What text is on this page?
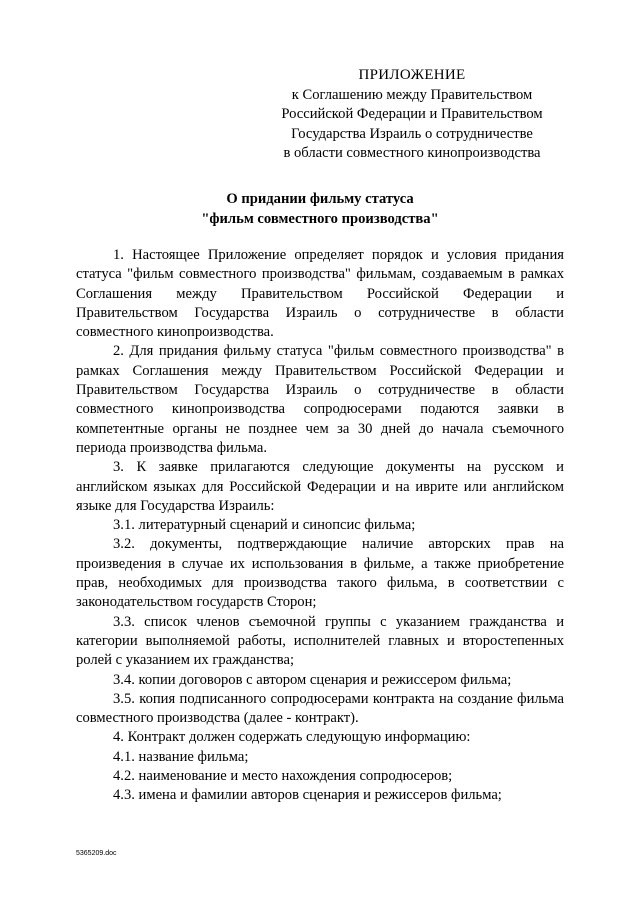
ПРИЛОЖЕНИЕ
к Соглашению между Правительством
Российской Федерации и Правительством
Государства Израиль о сотрудничестве
в области совместного кинопроизводства
О придании фильму статуса
"фильм совместного производства"

1. Настоящее Приложение определяет порядок и условия придания статуса "фильм совместного производства" фильмам, создаваемым в рамках Соглашения между Правительством Российской Федерации и Правительством Государства Израиль о сотрудничестве в области совместного кинопроизводства.

2. Для придания фильму статуса "фильм совместного производства" в рамках Соглашения между Правительством Российской Федерации и Правительством Государства Израиль о сотрудничестве в области совместного кинопроизводства сопродюсерами подаются заявки в компетентные органы не позднее чем за 30 дней до начала съемочного периода производства фильма.

3. К заявке прилагаются следующие документы на русском и английском языках для Российской Федерации и на иврите или английском языке для Государства Израиль:

3.1. литературный сценарий и синопсис фильма;

3.2. документы, подтверждающие наличие авторских прав на произведения в случае их использования в фильме, а также приобретение прав, необходимых для производства такого фильма, в соответствии с законодательством государств Сторон;

3.3. список членов съемочной группы с указанием гражданства и категории выполняемой работы, исполнителей главных и второстепенных ролей с указанием их гражданства;

3.4. копии договоров с автором сценария и режиссером фильма;

3.5. копия подписанного сопродюсерами контракта на создание фильма совместного производства (далее - контракт).

4. Контракт должен содержать следующую информацию:

4.1. название фильма;

4.2. наименование и место нахождения сопродюсеров;

4.3. имена и фамилии авторов сценария и режиссеров фильма;

5365209.doc
